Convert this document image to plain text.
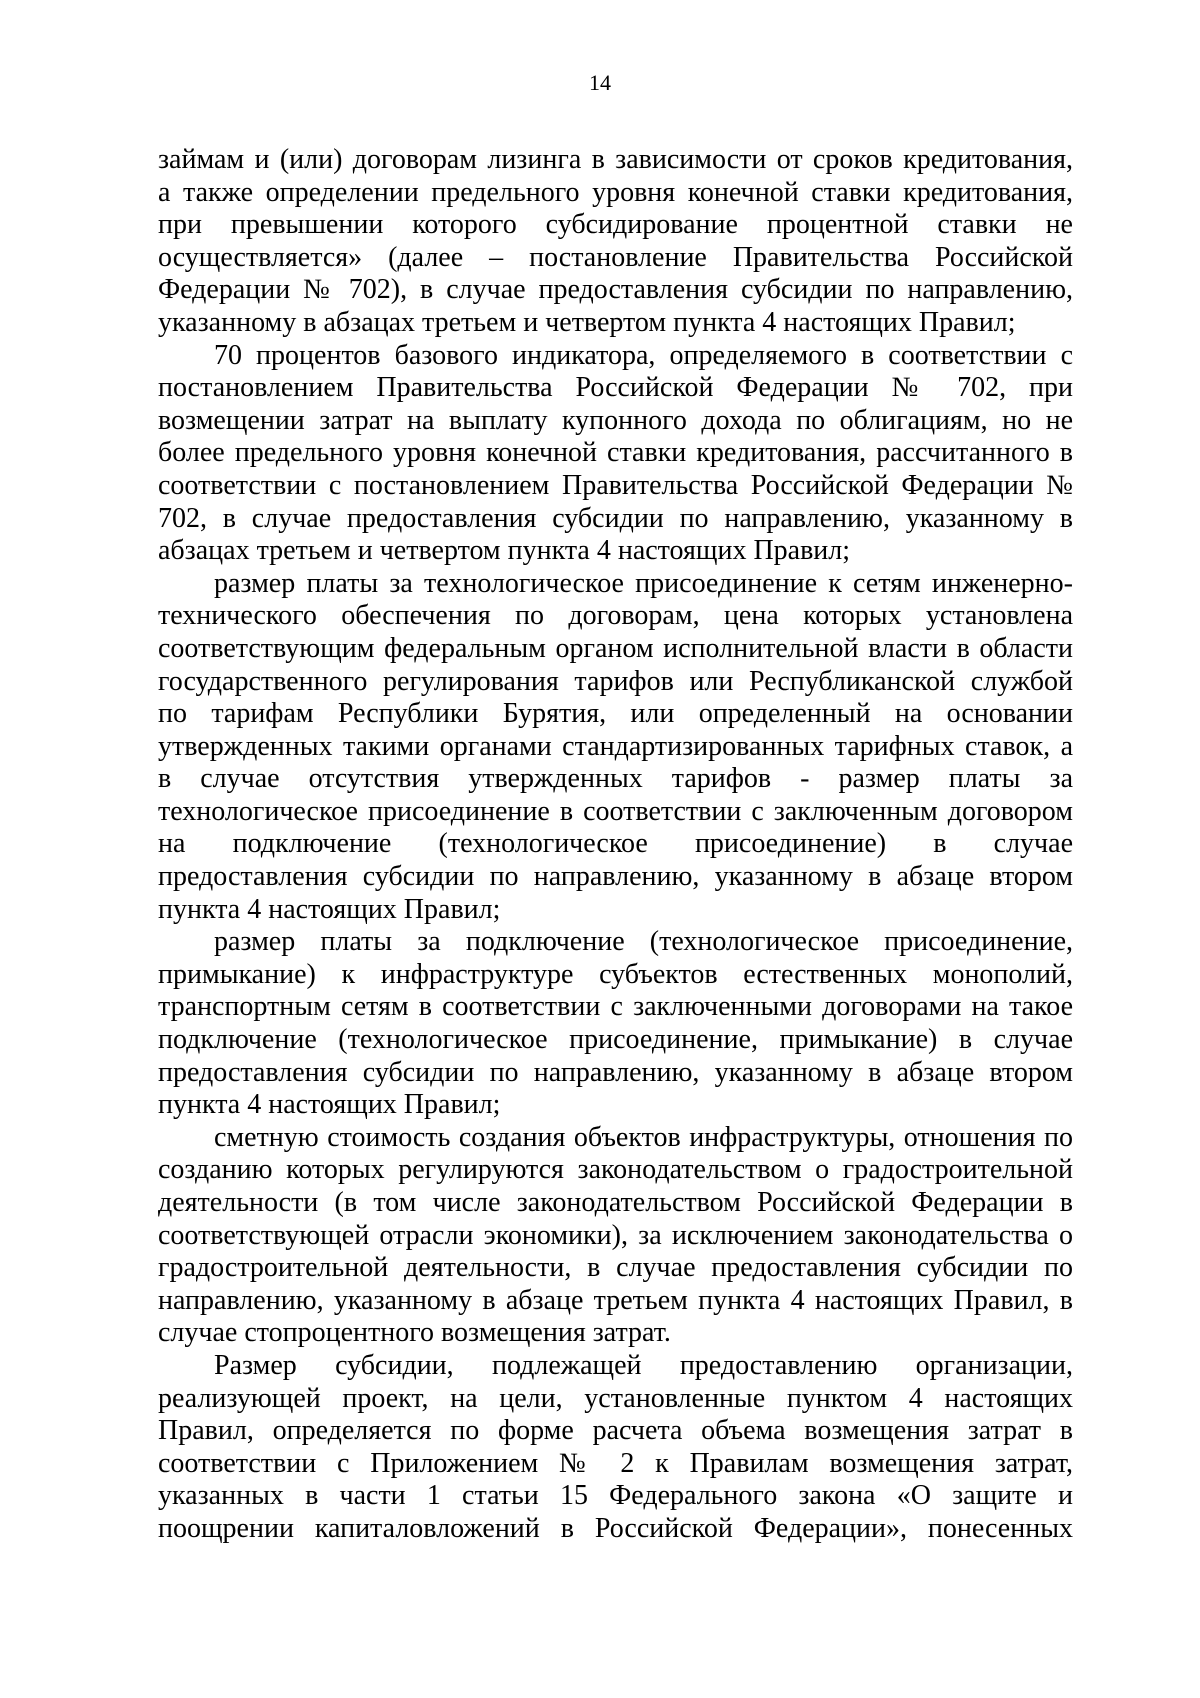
14
займам и (или) договорам лизинга в зависимости от сроков кредитования,
а также определении предельного уровня конечной ставки кредитования,
при превышении которого субсидирование процентной ставки не
осуществляется» (далее – постановление Правительства Российской
Федерации № 702), в случае предоставления субсидии по направлению,
указанному в абзацах третьем и четвертом пункта 4 настоящих Правил;
70 процентов базового индикатора, определяемого в соответствии с
постановлением Правительства Российской Федерации № 702, при
возмещении затрат на выплату купонного дохода по облигациям, но не
более предельного уровня конечной ставки кредитования, рассчитанного в
соответствии с постановлением Правительства Российской Федерации №
702, в случае предоставления субсидии по направлению, указанному в
абзацах третьем и четвертом пункта 4 настоящих Правил;
размер платы за технологическое присоединение к сетям инженерно-
технического обеспечения по договорам, цена которых установлена
соответствующим федеральным органом исполнительной власти в области
государственного регулирования тарифов или Республиканской службой
по тарифам Республики Бурятия, или определенный на основании
утвержденных такими органами стандартизированных тарифных ставок, а
в случае отсутствия утвержденных тарифов - размер платы за
технологическое присоединение в соответствии с заключенным договором
на подключение (технологическое присоединение) в случае
предоставления субсидии по направлению, указанному в абзаце втором
пункта 4 настоящих Правил;
размер платы за подключение (технологическое присоединение,
примыкание) к инфраструктуре субъектов естественных монополий,
транспортным сетям в соответствии с заключенными договорами на такое
подключение (технологическое присоединение, примыкание) в случае
предоставления субсидии по направлению, указанному в абзаце втором
пункта 4 настоящих Правил;
сметную стоимость создания объектов инфраструктуры, отношения по
созданию которых регулируются законодательством о градостроительной
деятельности (в том числе законодательством Российской Федерации в
соответствующей отрасли экономики), за исключением законодательства о
градостроительной деятельности, в случае предоставления субсидии по
направлению, указанному в абзаце третьем пункта 4 настоящих Правил, в
случае стопроцентного возмещения затрат.
Размер субсидии, подлежащей предоставлению организации,
реализующей проект, на цели, установленные пунктом 4 настоящих
Правил, определяется по форме расчета объема возмещения затрат в
соответствии с Приложением № 2 к Правилам возмещения затрат,
указанных в части 1 статьи 15 Федерального закона «О защите и
поощрении капиталовложений в Российской Федерации», понесенных
